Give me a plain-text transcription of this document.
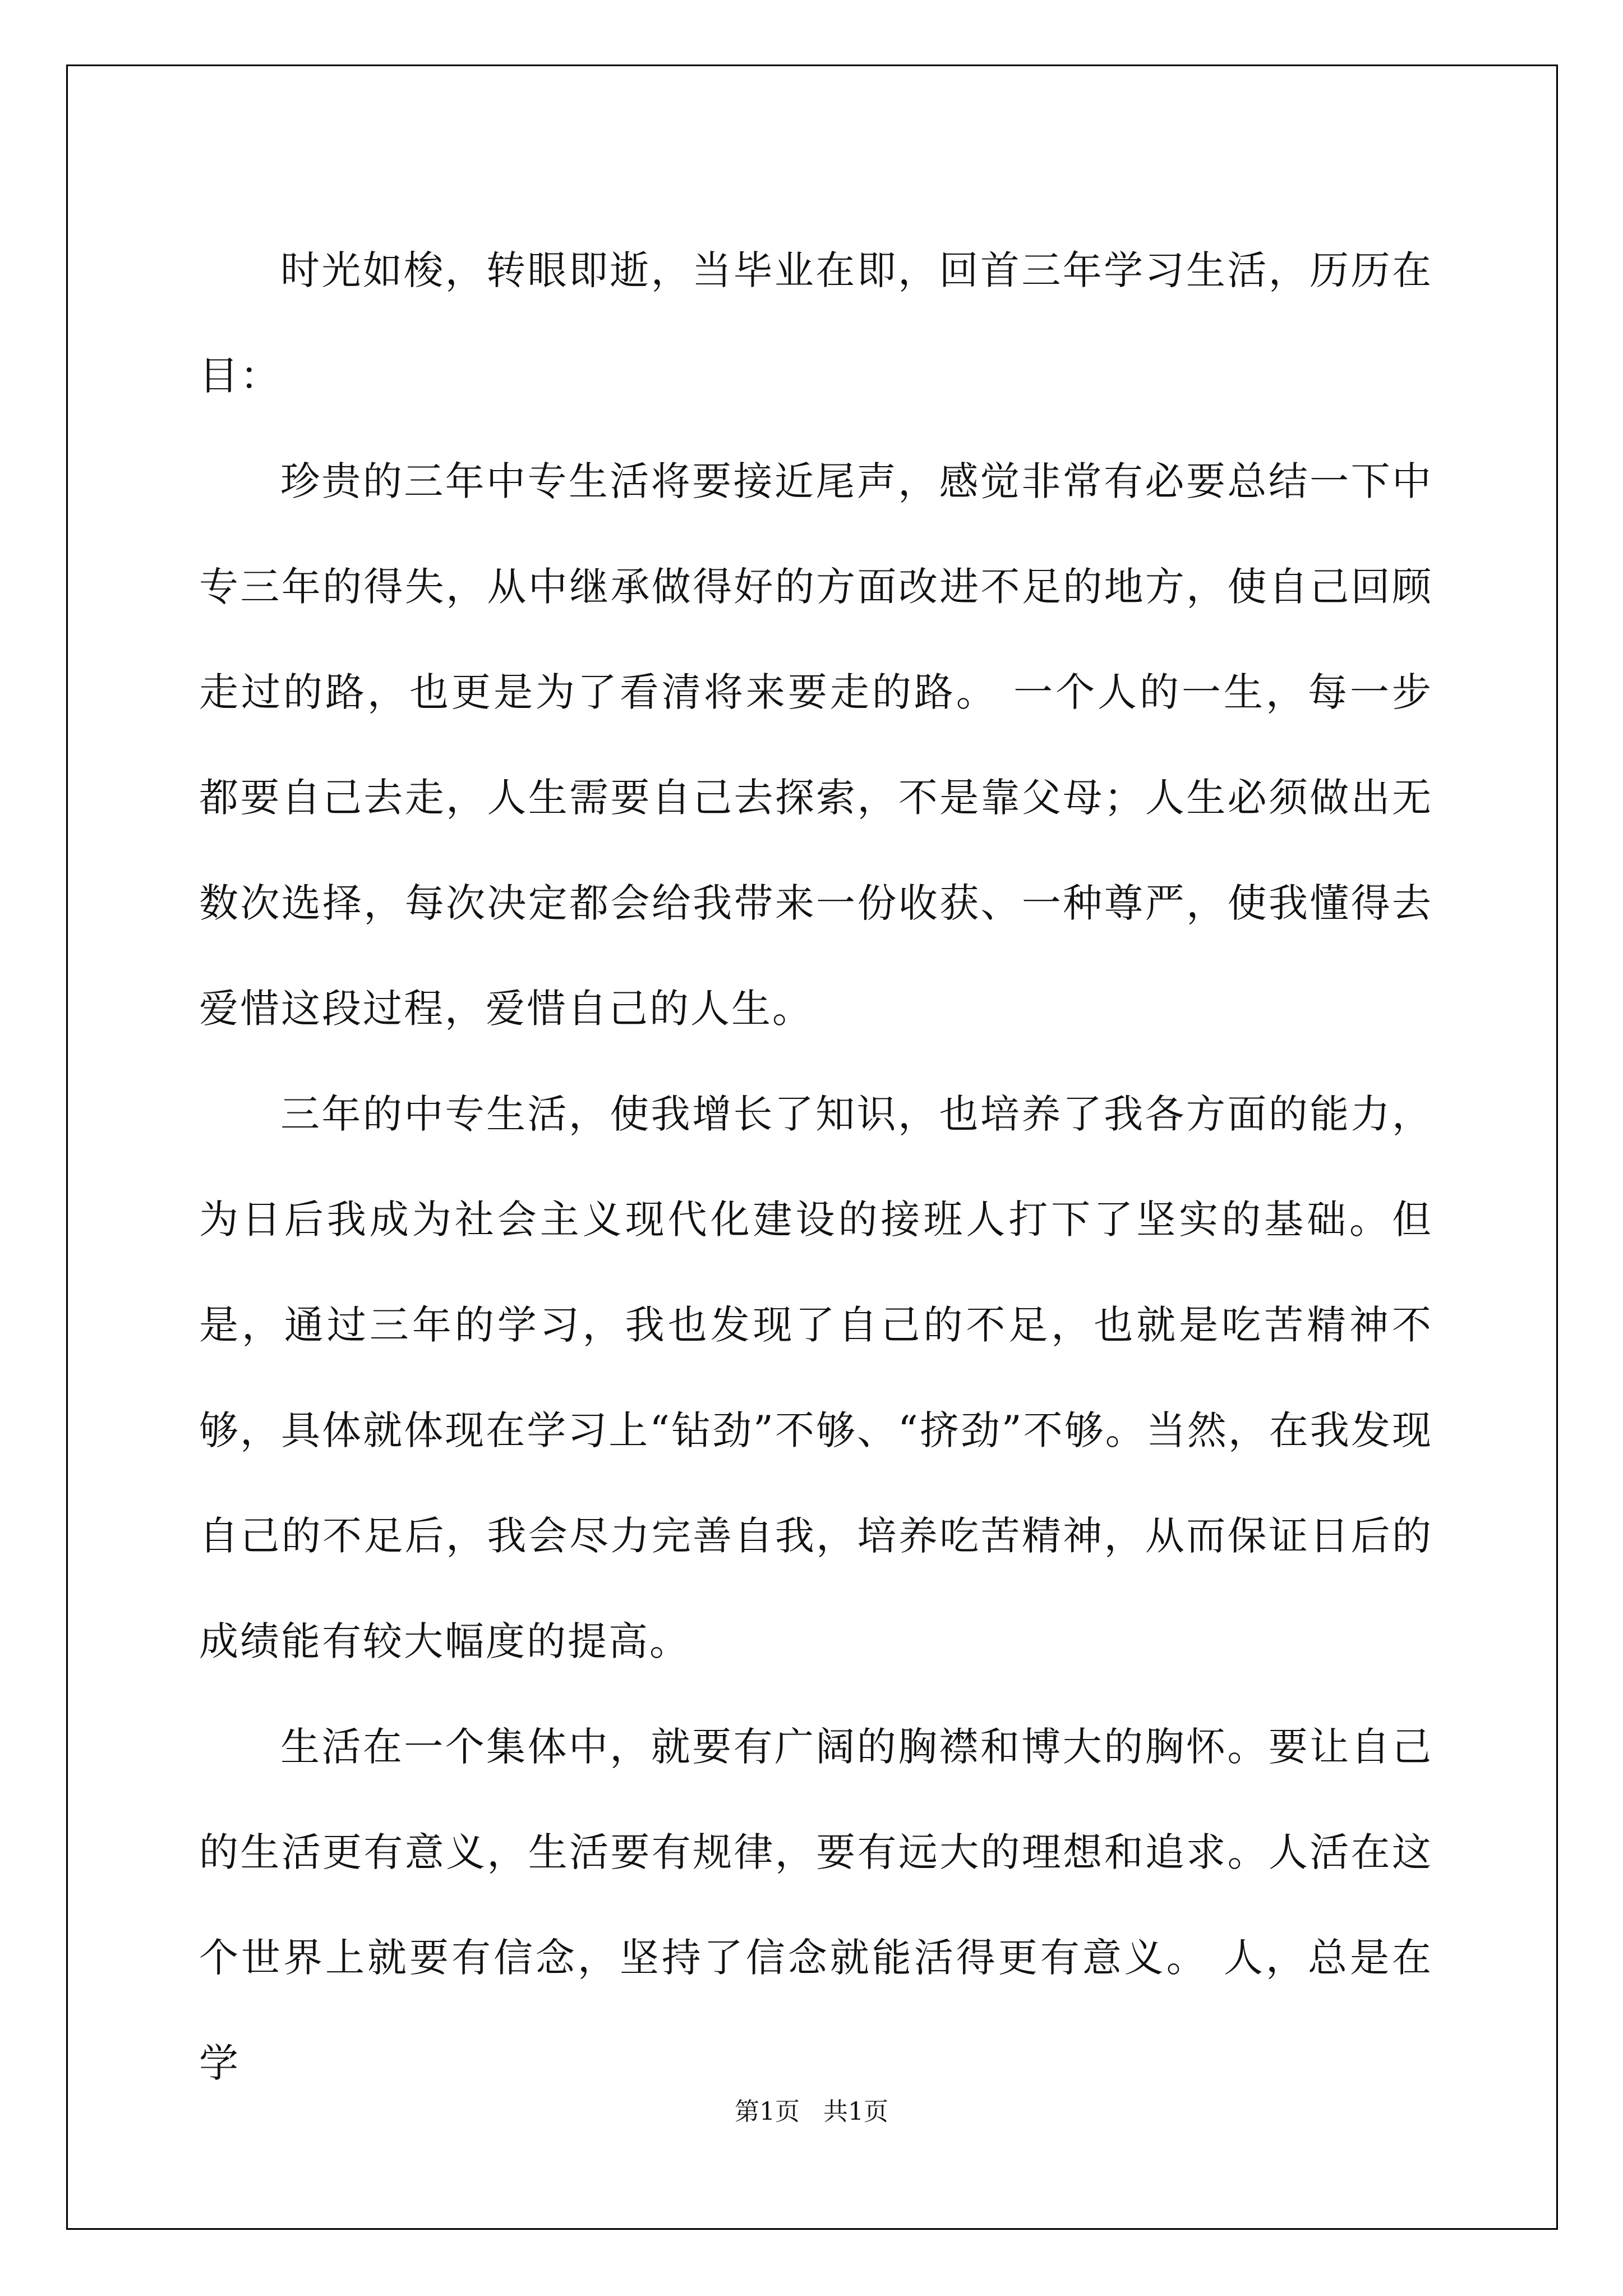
时光如梭，转眼即逝，当毕业在即，回首三年学习生活，历历在目：

珍贵的三年中专生活将要接近尾声，感觉非常有必要总结一下中专三年的得失，从中继承做得好的方面改进不足的地方，使自己回顾走过的路，也更是为了看清将来要走的路。 一个人的一生，每一步都要自己去走，人生需要自己去探索，不是靠父母；人生必须做出无数次选择，每次决定都会给我带来一份收获、一种尊严，使我懂得去爱惜这段过程，爱惜自己的人生。

三年的中专生活，使我增长了知识，也培养了我各方面的能力，为日后我成为社会主义现代化建设的接班人打下了坚实的基础。但是，通过三年的学习，我也发现了自己的不足，也就是吃苦精神不够，具体就体现在学习上“钻劲”不够、“挤劲”不够。当然，在我发现自己的不足后，我会尽力完善自我，培养吃苦精神，从而保证日后的成绩能有较大幅度的提高。

生活在一个集体中，就要有广阔的胸襟和博大的胸怀。要让自己的生活更有意义，生活要有规律，要有远大的理想和追求。人活在这个世界上就要有信念，坚持了信念就能活得更有意义。 人，总是在学

第1页   共1页
